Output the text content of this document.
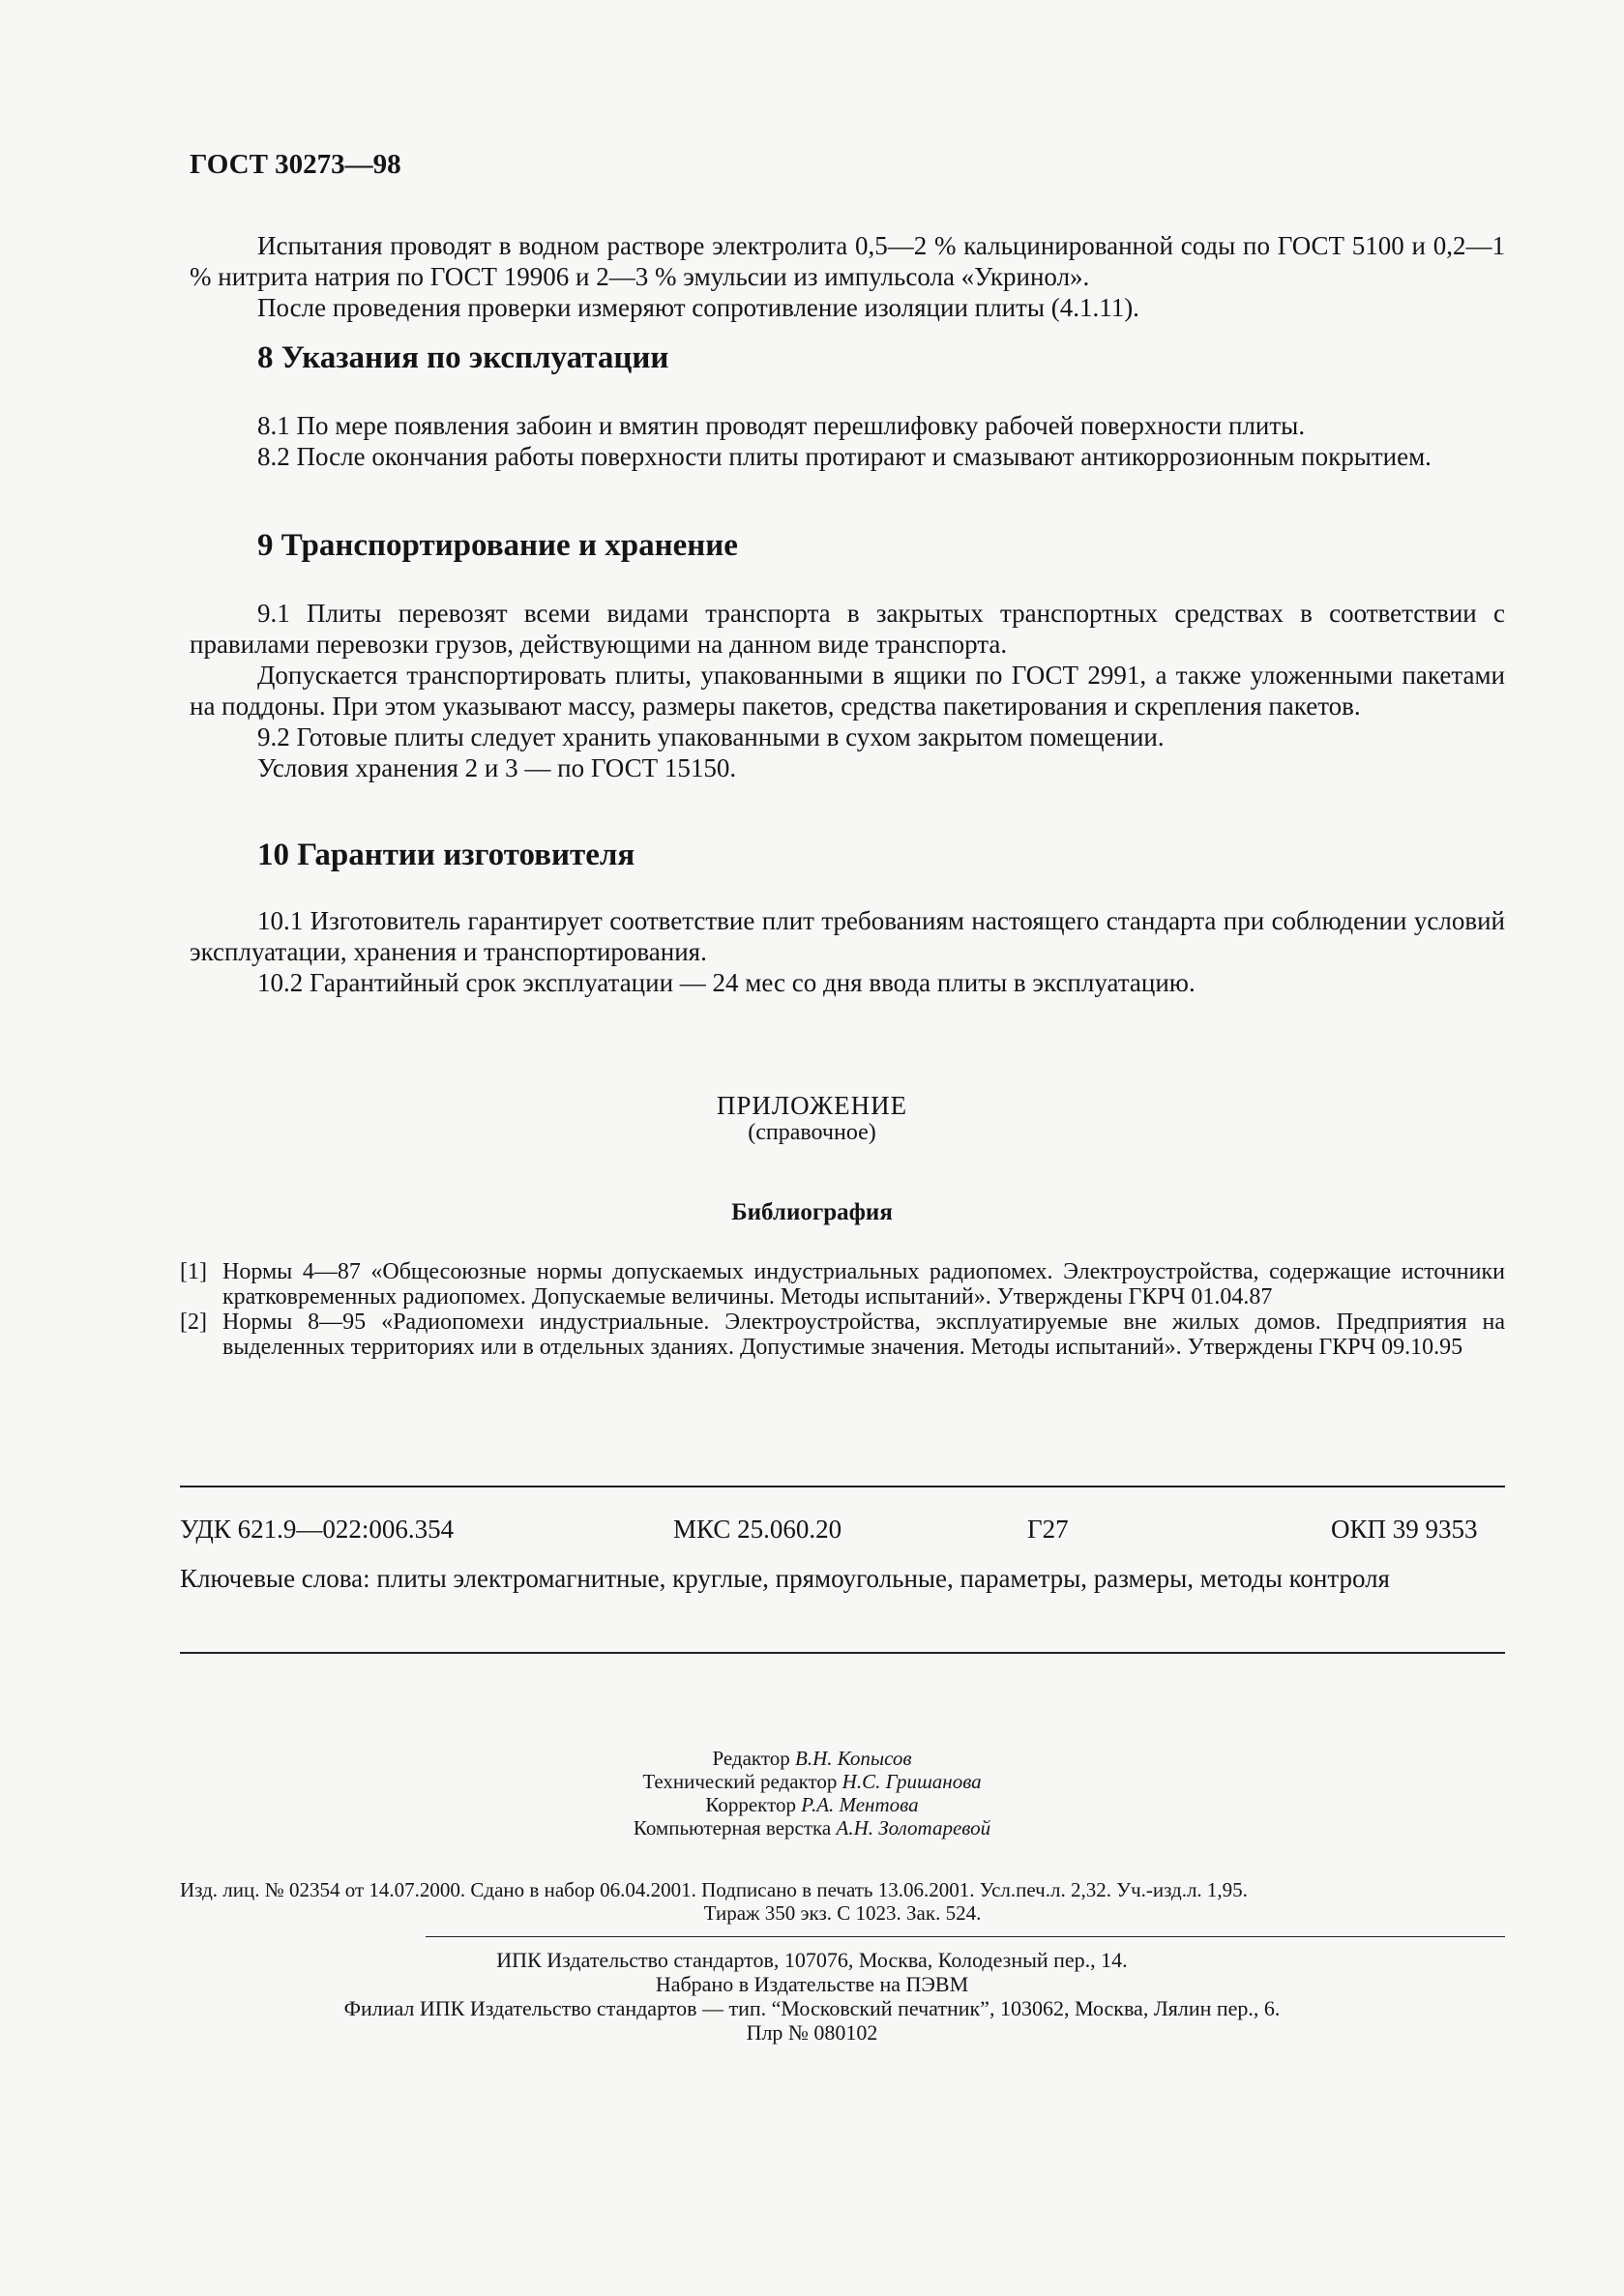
ГОСТ 30273—98

Испытания проводят в водном растворе электролита 0,5—2 % кальцинированной соды по ГОСТ 5100 и 0,2—1 % нитрита натрия по ГОСТ 19906 и 2—3 % эмульсии из импульсола «Укринол».

После проведения проверки измеряют сопротивление изоляции плиты (4.1.11).

8 Указания по эксплуатации

8.1 По мере появления забоин и вмятин проводят перешлифовку рабочей поверхности плиты.

8.2 После окончания работы поверхности плиты протирают и смазывают антикоррозионным покрытием.

9 Транспортирование и хранение

9.1 Плиты перевозят всеми видами транспорта в закрытых транспортных средствах в соответствии с правилами перевозки грузов, действующими на данном виде транспорта.

Допускается транспортировать плиты, упакованными в ящики по ГОСТ 2991, а также уложенными пакетами на поддоны. При этом указывают массу, размеры пакетов, средства пакетирования и скрепления пакетов.

9.2 Готовые плиты следует хранить упакованными в сухом закрытом помещении.

Условия хранения 2 и 3 — по ГОСТ 15150.

10 Гарантии изготовителя

10.1 Изготовитель гарантирует соответствие плит требованиям настоящего стандарта при соблюдении условий эксплуатации, хранения и транспортирования.

10.2 Гарантийный срок эксплуатации — 24 мес со дня ввода плиты в эксплуатацию.

ПРИЛОЖЕНИЕ
(справочное)
Библиография

[1] Нормы 4—87 «Общесоюзные нормы допускаемых индустриальных радиопомех. Электроустройства, содержащие источники кратковременных радиопомех. Допускаемые величины. Методы испытаний». Утверждены ГКРЧ 01.04.87

[2] Нормы 8—95 «Радиопомехи индустриальные. Электроустройства, эксплуатируемые вне жилых домов. Предприятия на выделенных территориях или в отдельных зданиях. Допустимые значения. Методы испытаний». Утверждены ГКРЧ 09.10.95

УДК 621.9—022:006.354	МКС 25.060.20	Г27	ОКП 39 9353

Ключевые слова: плиты электромагнитные, круглые, прямоугольные, параметры, размеры, методы контроля

Редактор В.Н. Копысов
Технический редактор Н.С. Гришанова
Корректор Р.А. Ментова
Компьютерная верстка А.Н. Золотаревой
Изд. лиц. № 02354 от 14.07.2000. Сдано в набор 06.04.2001. Подписано в печать 13.06.2001. Усл.печ.л. 2,32. Уч.-изд.л. 1,95.
Тираж 350 экз. С 1023. Зак. 524.
ИПК Издательство стандартов, 107076, Москва, Колодезный пер., 14.
Набрано в Издательстве на ПЭВМ
Филиал ИПК Издательство стандартов — тип. “Московский печатник”, 103062, Москва, Лялин пер., 6.
Плр № 080102
